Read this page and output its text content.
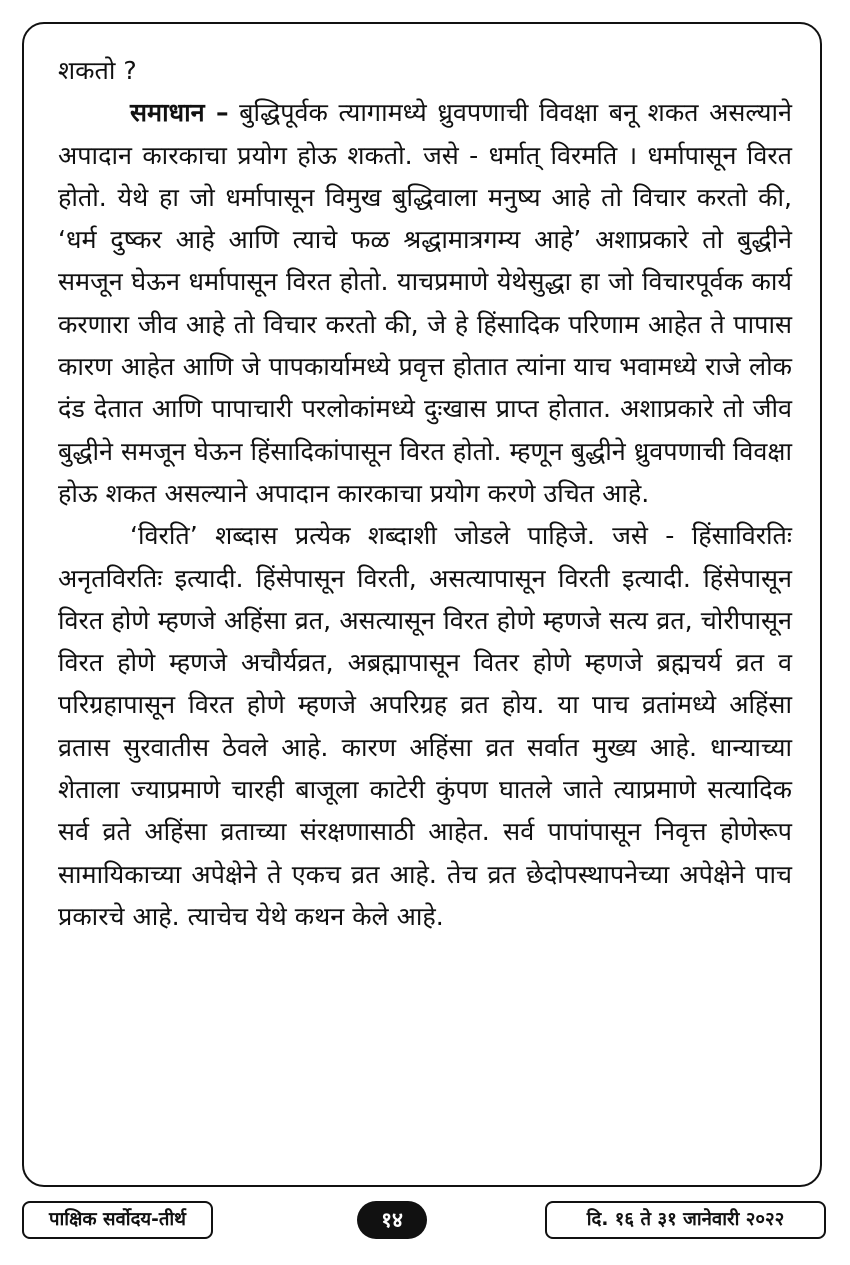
शकतो ?

समाधान – बुद्धिपूर्वक त्यागामध्ये ध्रुवपणाची विवक्षा बनू शकत असल्याने अपादान कारकाचा प्रयोग होऊ शकतो. जसे - धर्मात् विरमति । धर्मापासून विरत होतो. येथे हा जो धर्मापासून विमुख बुद्धिवाला मनुष्य आहे तो विचार करतो की, ‘धर्म दुष्कर आहे आणि त्याचे फळ श्रद्धामात्रगम्य आहे’ अशाप्रकारे तो बुद्धीने समजून घेऊन धर्मापासून विरत होतो. याचप्रमाणे येथेसुद्धा हा जो विचारपूर्वक कार्य करणारा जीव आहे तो विचार करतो की, जे हे हिंसादिक परिणाम आहेत ते पापास कारण आहेत आणि जे पापकार्यामध्ये प्रवृत्त होतात त्यांना याच भवामध्ये राजे लोक दंड देतात आणि पापाचारी परलोकांमध्ये दुःखास प्राप्त होतात. अशाप्रकारे तो जीव बुद्धीने समजून घेऊन हिंसादिकांपासून विरत होतो. म्हणून बुद्धीने ध्रुवपणाची विवक्षा होऊ शकत असल्याने अपादान कारकाचा प्रयोग करणे उचित आहे.

‘विरति’ शब्दास प्रत्येक शब्दाशी जोडले पाहिजे. जसे - हिंसाविरतिः अनृतविरतिः इत्यादी. हिंसेपासून विरती, असत्यापासून विरती इत्यादी. हिंसेपासून विरत होणे म्हणजे अहिंसा व्रत, असत्यासून विरत होणे म्हणजे सत्य व्रत, चोरीपासून विरत होणे म्हणजे अचौर्यव्रत, अब्रह्मापासून वितर होणे म्हणजे ब्रह्मचर्य व्रत व परिग्रहापासून विरत होणे म्हणजे अपरिग्रह व्रत होय. या पाच व्रतांमध्ये अहिंसा व्रतास सुरवातीस ठेवले आहे. कारण अहिंसा व्रत सर्वात मुख्य आहे. धान्याच्या शेताला ज्याप्रमाणे चारही बाजूला काटेरी कुंपण घातले जाते त्याप्रमाणे सत्यादिक सर्व व्रते अहिंसा व्रताच्या संरक्षणासाठी आहेत. सर्व पापांपासून निवृत्त होणेरूप सामायिकाच्या अपेक्षेने ते एकच व्रत आहे. तेच व्रत छेदोपस्थापनेच्या अपेक्षेने पाच प्रकारचे आहे. त्याचेच येथे कथन केले आहे.

पाक्षिक सर्वोदय-तीर्थ	१४	दि. १६ ते ३१ जानेवारी २०२२
